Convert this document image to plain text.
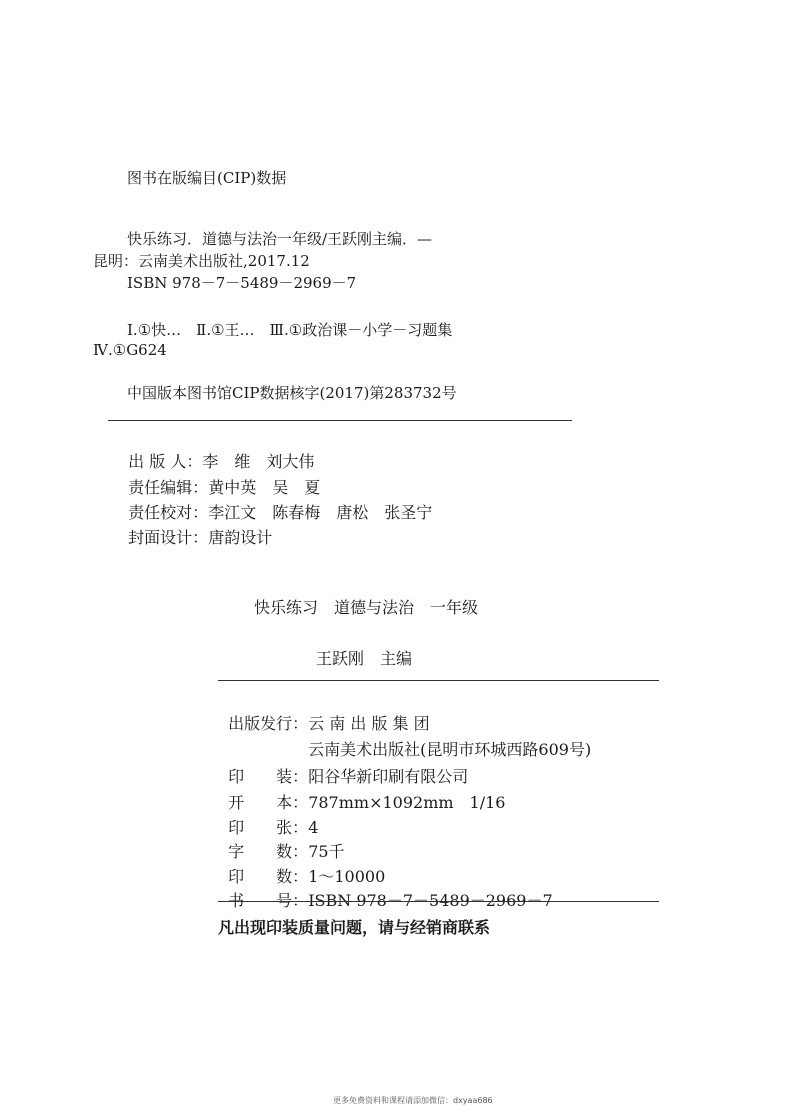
图书在版编目(CIP)数据
快乐练习．道德与法治一年级/王跃刚主编．—
昆明：云南美术出版社,2017.12
ISBN 978－7－5489－2969－7
Ⅰ.①快…　Ⅱ.①王…　Ⅲ.①政治课－小学－习题集
Ⅳ.①G624
中国版本图书馆CIP数据核字(2017)第283732号

出 版 人：李　维　刘大伟

责任编辑：黄中英　吴　夏

责任校对：李江文　陈春梅　唐松　张圣宁

封面设计：唐韵设计

快乐练习　道德与法治　一年级
王跃刚　主编

出版发行：云 南 出 版 集 团

云南美术出版社(昆明市环城西路609号)

印　　装：阳谷华新印刷有限公司

开　　本：787mm×1092mm　1/16

印　　张：4

字　　数：75千

印　　数：1～10000

书　　号：ISBN 978－7－5489－2969－7

凡出现印装质量问题，请与经销商联系
更多免费资料和课程请添加微信：dxyaa686
